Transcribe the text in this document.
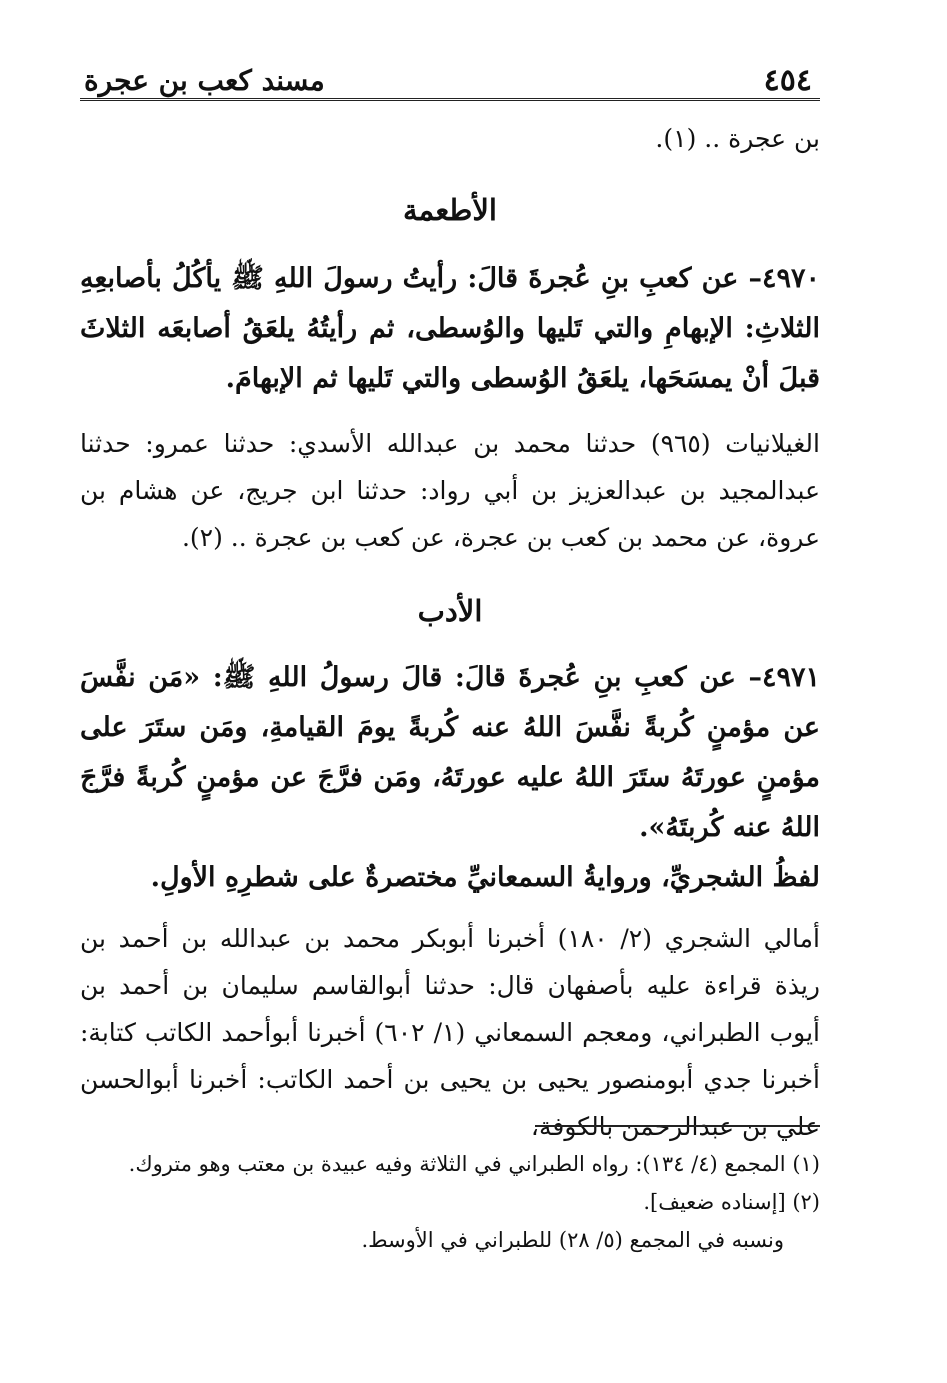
٤٥٤
مسند كعب بن عجرة

بن عجرة .. (١).

الأطعمة

٤٩٧٠– عن كعبِ بنِ عُجرةَ قالَ: رأيتُ رسولَ اللهِ ﷺ يأكُلُ بأصابعِهِ الثلاثِ: الإبهامِ والتي تَليها والوُسطى، ثم رأيتُهُ يلعَقُ أصابعَه الثلاثَ قبلَ أنْ يمسَحَها، يلعَقُ الوُسطى والتي تَليها ثم الإبهامَ.

الغيلانيات (٩٦٥) حدثنا محمد بن عبدالله الأسدي: حدثنا عمرو: حدثنا عبدالمجيد بن عبدالعزيز بن أبي رواد: حدثنا ابن جريج، عن هشام بن عروة، عن محمد بن كعب بن عجرة، عن كعب بن عجرة .. (٢).

الأدب

٤٩٧١– عن كعبِ بنِ عُجرةَ قالَ: قالَ رسولُ اللهِ ﷺ: «مَن نفَّسَ عن مؤمنٍ كُربةً نفَّسَ اللهُ عنه كُربةً يومَ القيامةِ، ومَن ستَرَ على مؤمنٍ عورتَهُ ستَرَ اللهُ عليه عورتَهُ، ومَن فرَّجَ عن مؤمنٍ كُربةً فرَّجَ اللهُ عنه كُربتَهُ».

لفظُ الشجريِّ، وروايةُ السمعانيِّ مختصرةٌ على شطرِهِ الأولِ.

أمالي الشجري (٢/ ١٨٠) أخبرنا أبوبكر محمد بن عبدالله بن أحمد بن ريذة قراءة عليه بأصفهان قال: حدثنا أبوالقاسم سليمان بن أحمد بن أيوب الطبراني، ومعجم السمعاني (١/ ٦٠٢) أخبرنا أبوأحمد الكاتب كتابة: أخبرنا جدي أبومنصور يحيى بن يحيى بن أحمد الكاتب: أخبرنا أبوالحسن علي بن عبدالرحمن بالكوفة،

(١) المجمع (٤/ ١٣٤): رواه الطبراني في الثلاثة وفيه عبيدة بن معتب وهو متروك.

(٢) [إسناده ضعيف].

ونسبه في المجمع (٥/ ٢٨) للطبراني في الأوسط.
